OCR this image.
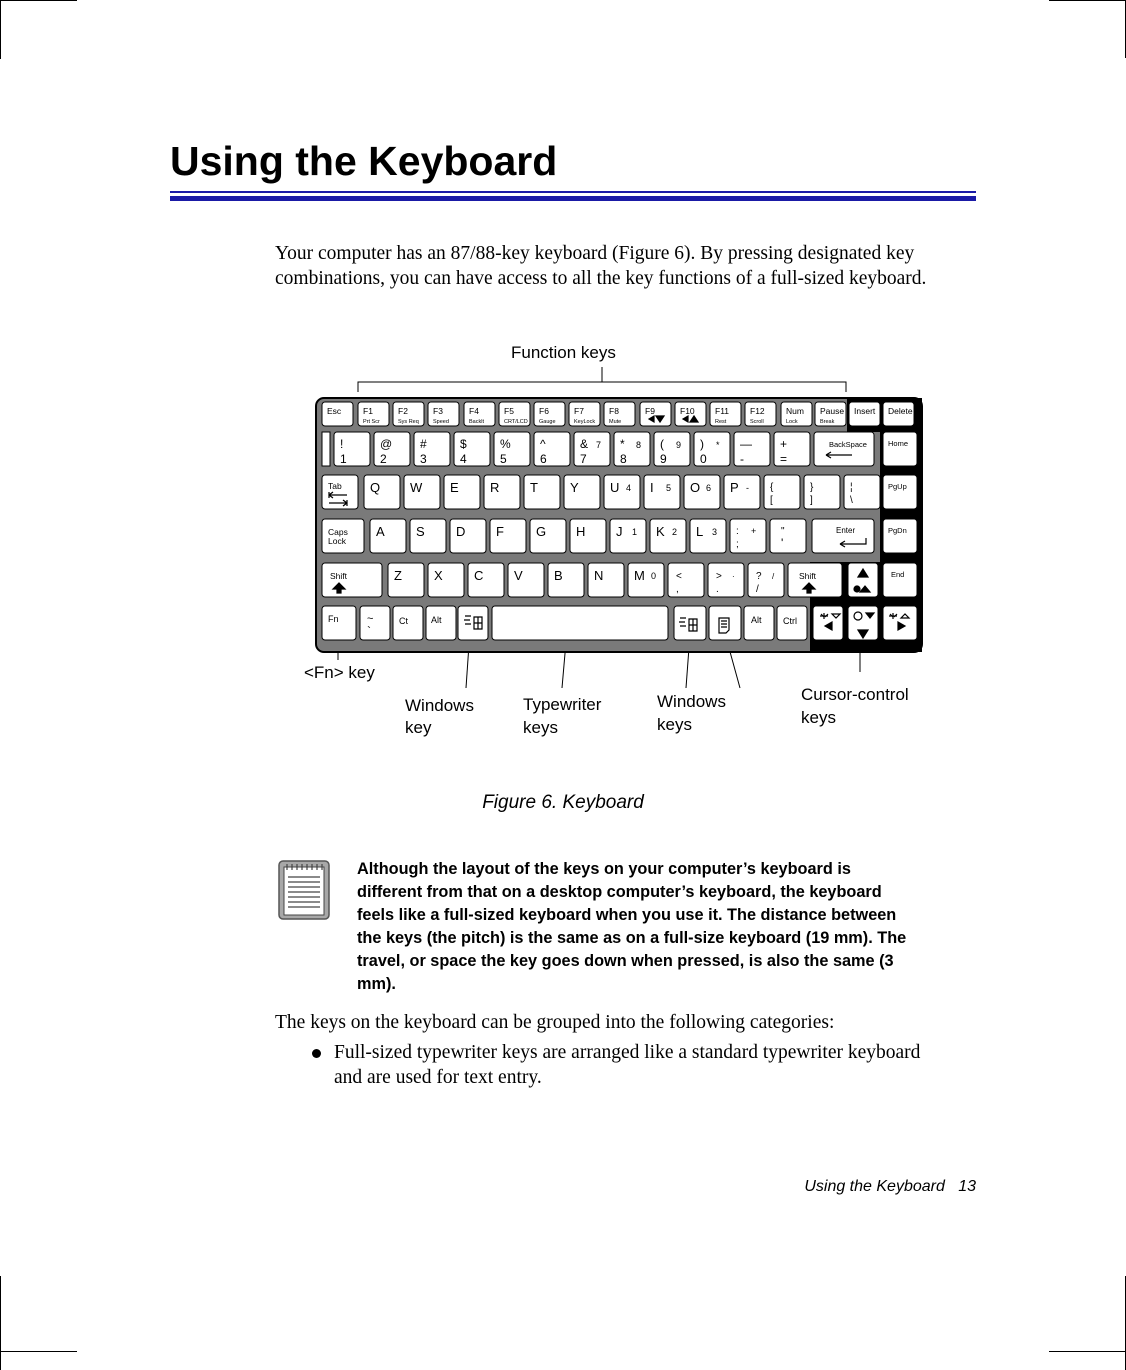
Using the Keyboard
Your computer has an 87/88-key keyboard (Figure 6). By pressing designated key
combinations, you can have access to all the key functions of a full-sized keyboard.
Function keys
<Fn> key
Windows
key
Typewriter
keys
Windows
keys
Cursor-control
keys
Esc	F1
Prt Scr
F2
Sys Req
F3
Speed
F4
Backlt
F5
CRT/LCD
F6
Gauge
F7
KeyLock
F8
Mute
F9	F10 F11
Rest
F12
Scroll
Num
Lock
Pause
Break
Insert Delete
!
1
@
2
#
3
$
4
%
5
^
6
&
7
7 *
8
8 (
9
9 )
0
* —
-
+
=
BackSpace	Home
Tab Q W E R T Y U 4 I 5 O 6 P - {
[
}
]
¦
\
PgUp
Caps
Lock
A S D F G H J 1 K 2 L 3 :
;
+ "
'
Enter	PgDn
Shift	Z X C V B N M 0 <
,
>
.
· ?
/
/	Shift	End
Fn	~
`
Ct	Alt	Alt Ctrl
Figure 6. Keyboard
Although the layout of the keys on your computer’s keyboard is different from that on a desktop computer’s keyboard, the keyboard feels like a full-sized keyboard when you use it. The distance between the keys (the pitch) is the same as on a full-size keyboard (19 mm). The travel, or space the key goes down when pressed, is also the same (3 mm).
The keys on the keyboard can be grouped into the following categories:
Full-sized typewriter keys are arranged like a standard typewriter keyboard
and are used for text entry.
Using the Keyboard 13
